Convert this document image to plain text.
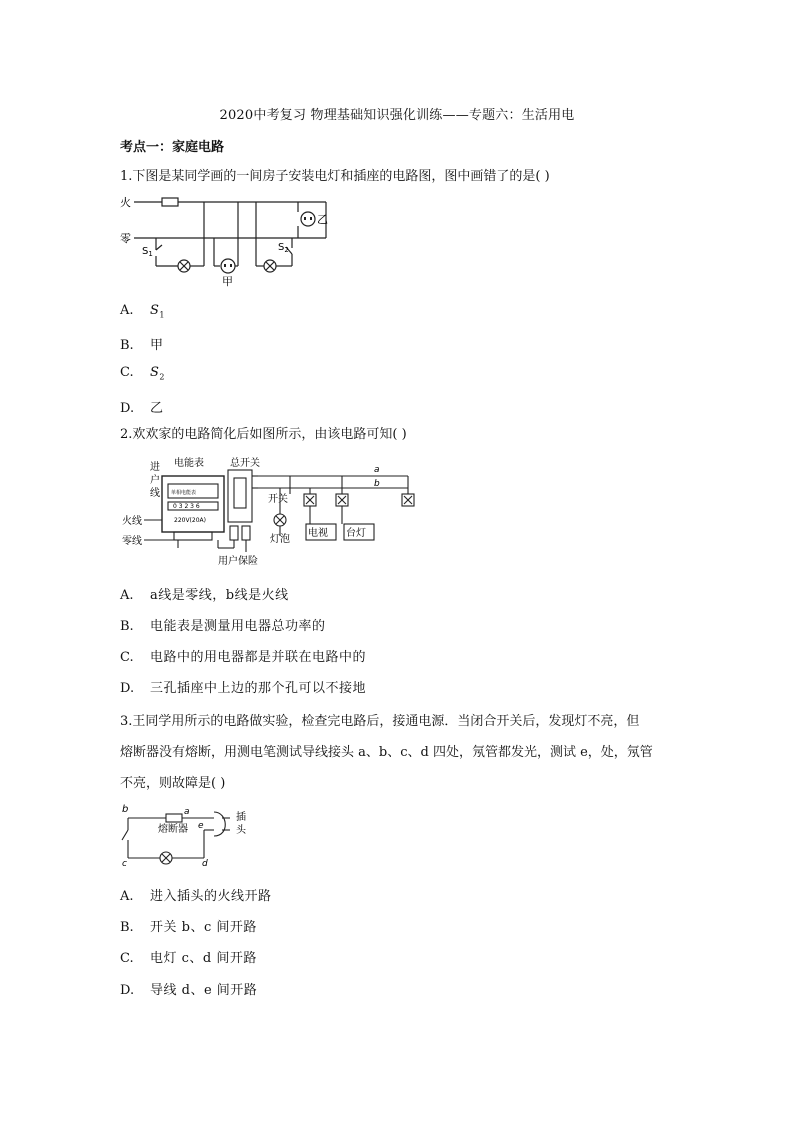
2020中考复习 物理基础知识强化训练——专题六：生活用电
考点一：家庭电路
1.下图是某同学画的一间房子安装电灯和插座的电路图，图中画错了的是( )
火
零
$S_1$
$S_2$
甲
乙
A. $S_1$
B. 甲
C. $S_2$
D. 乙
2.欢欢家的电路简化后如图所示，由该电路可知( )
电能表	总开关
进
户
线
火线
零线
单相电能表
0 3 2 3 6
220V(20A)
开关
灯泡
电视 台灯
用户保险
a
b
A. a线是零线，b线是火线
B. 电能表是测量用电器总功率的
C. 电路中的用电器都是并联在电路中的
D. 三孔插座中上边的那个孔可以不接地
3.王同学用所示的电路做实验，检查完电路后，接通电源．当闭合开关后，发现灯不亮，但
熔断器没有熔断，用测电笔测试导线接头 a、b、c、d 四处，氖管都发光，测试 e，处，氖管
不亮，则故障是( )
b	a
熔断器 e
插
头
c	d
A. 进入插头的火线开路
B. 开关 b、c 间开路
C. 电灯 c、d 间开路
D. 导线 d、e 间开路
